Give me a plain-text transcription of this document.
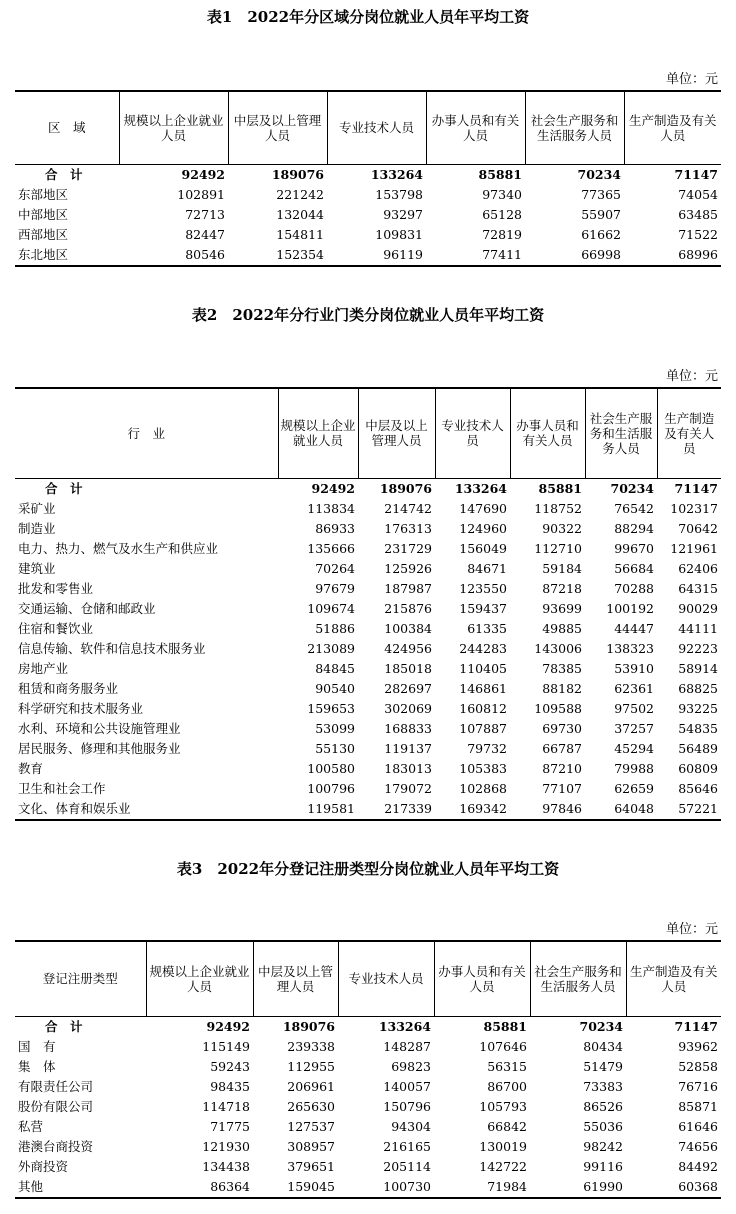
表1　2022年分区域分岗位就业人员年平均工资
单位：元
区　域	规模以上企业就业人员	中层及以上管理人员	专业技术人员	办事人员和有关人员	社会生产服务和生活服务人员	生产制造及有关人员
合　计	92492	189076	133264	85881	70234	71147
东部地区	102891	221242	153798	97340	77365	74054
中部地区	72713	132044	93297	65128	55907	63485
西部地区	82447	154811	109831	72819	61662	71522
东北地区	80546	152354	96119	77411	66998	68996
表2　2022年分行业门类分岗位就业人员年平均工资
单位：元
行　业	规模以上企业就业人员	中层及以上管理人员	专业技术人员	办事人员和有关人员	社会生产服务和生活服务人员	生产制造及有关人员
合　计	92492	189076	133264	85881	70234	71147
采矿业	113834	214742	147690	118752	76542	102317
制造业	86933	176313	124960	90322	88294	70642
电力、热力、燃气及水生产和供应业	135666	231729	156049	112710	99670	121961
建筑业	70264	125926	84671	59184	56684	62406
批发和零售业	97679	187987	123550	87218	70288	64315
交通运输、仓储和邮政业	109674	215876	159437	93699	100192	90029
住宿和餐饮业	51886	100384	61335	49885	44447	44111
信息传输、软件和信息技术服务业	213089	424956	244283	143006	138323	92223
房地产业	84845	185018	110405	78385	53910	58914
租赁和商务服务业	90540	282697	146861	88182	62361	68825
科学研究和技术服务业	159653	302069	160812	109588	97502	93225
水利、环境和公共设施管理业	53099	168833	107887	69730	37257	54835
居民服务、修理和其他服务业	55130	119137	79732	66787	45294	56489
教育	100580	183013	105383	87210	79988	60809
卫生和社会工作	100796	179072	102868	77107	62659	85646
文化、体育和娱乐业	119581	217339	169342	97846	64048	57221
表3　2022年分登记注册类型分岗位就业人员年平均工资
单位：元
登记注册类型	规模以上企业就业人员	中层及以上管理人员	专业技术人员	办事人员和有关人员	社会生产服务和生活服务人员	生产制造及有关人员
合　计	92492	189076	133264	85881	70234	71147
国　有	115149	239338	148287	107646	80434	93962
集　体	59243	112955	69823	56315	51479	52858
有限责任公司	98435	206961	140057	86700	73383	76716
股份有限公司	114718	265630	150796	105793	86526	85871
私营	71775	127537	94304	66842	55036	61646
港澳台商投资	121930	308957	216165	130019	98242	74656
外商投资	134438	379651	205114	142722	99116	84492
其他	86364	159045	100730	71984	61990	60368
